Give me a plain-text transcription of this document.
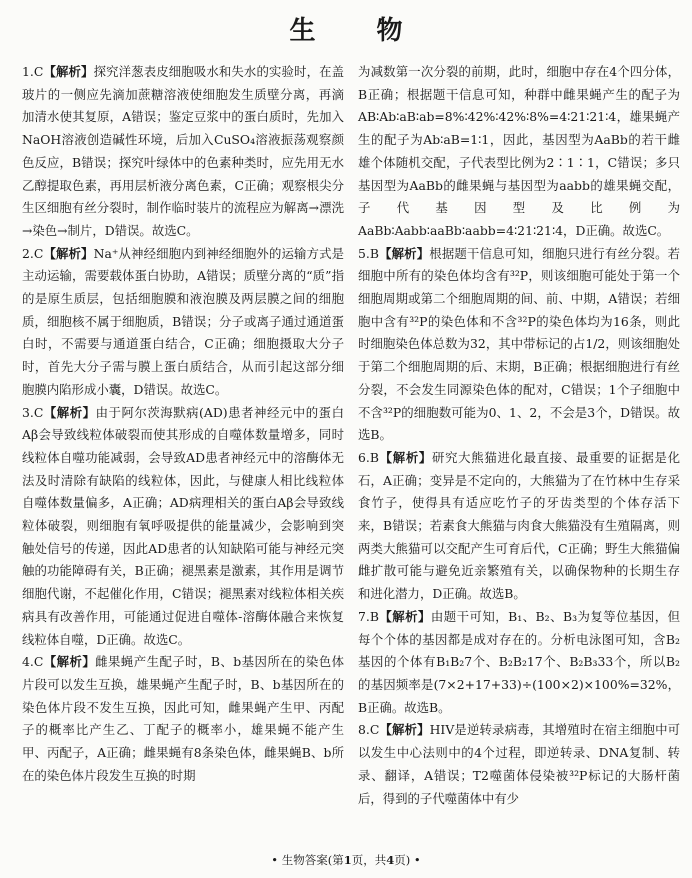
生 物
1.C【解析】探究洋葱表皮细胞吸水和失水的实验时，在盖玻片的一侧应先滴加蔗糖溶液使细胞发生质壁分离，再滴加清水使其复原，A错误；鉴定豆浆中的蛋白质时，先加入NaOH溶液创造碱性环境，后加入CuSO₄溶液振荡观察颜色反应，B错误；探究叶绿体中的色素种类时，应先用无水乙醇提取色素，再用层析液分离色素，C正确；观察根尖分生区细胞有丝分裂时，制作临时装片的流程应为解离→漂洗→染色→制片，D错误。故选C。
2.C【解析】Na⁺从神经细胞内到神经细胞外的运输方式是主动运输，需要载体蛋白协助，A错误；质壁分离的“质”指的是原生质层，包括细胞膜和液泡膜及两层膜之间的细胞质，细胞核不属于细胞质，B错误；分子或离子通过通道蛋白时，不需要与通道蛋白结合，C正确；细胞摄取大分子时，首先大分子需与膜上蛋白质结合，从而引起这部分细胞膜内陷形成小囊，D错误。故选C。
3.C【解析】由于阿尔茨海默病(AD)患者神经元中的蛋白Aβ会导致线粒体破裂而使其形成的自噬体数量增多，同时线粒体自噬功能减弱，会导致AD患者神经元中的溶酶体无法及时清除有缺陷的线粒体，因此，与健康人相比线粒体自噬体数量偏多，A正确；AD病理相关的蛋白Aβ会导致线粒体破裂，则细胞有氧呼吸提供的能量减少，会影响到突触处信号的传递，因此AD患者的认知缺陷可能与神经元突触的功能障碍有关，B正确；褪黑素是激素，其作用是调节细胞代谢，不起催化作用，C错误；褪黑素对线粒体相关疾病具有改善作用，可能通过促进自噬体-溶酶体融合来恢复线粒体自噬，D正确。故选C。
4.C【解析】雌果蝇产生配子时，B、b基因所在的染色体片段可以发生互换，雄果蝇产生配子时，B、b基因所在的染色体片段不发生互换，因此可知，雌果蝇产生甲、丙配子的概率比产生乙、丁配子的概率小，雄果蝇不能产生甲、丙配子，A正确；雌果蝇有8条染色体，雌果蝇B、b所在的染色体片段发生互换的时期
为减数第一次分裂的前期，此时，细胞中存在4个四分体，B正确；根据题干信息可知，种群中雌果蝇产生的配子为AB∶Ab∶aB∶ab=8%∶42%∶42%∶8%=4∶21∶21∶4，雄果蝇产生的配子为Ab∶aB=1∶1，因此，基因型为AaBb的若干雌雄个体随机交配，子代表型比例为2∶1∶1，C错误；多只基因型为AaBb的雌果蝇与基因型为aabb的雄果蝇交配，子代基因型及比例为AaBb∶Aabb∶aaBb∶aabb=4∶21∶21∶4，D正确。故选C。
5.B【解析】根据题干信息可知，细胞只进行有丝分裂。若细胞中所有的染色体均含有³²P，则该细胞可能处于第一个细胞周期或第二个细胞周期的间、前、中期，A错误；若细胞中含有³²P的染色体和不含³²P的染色体均为16条，则此时细胞染色体总数为32，其中带标记的占1/2，则该细胞处于第二个细胞周期的后、末期，B正确；根据细胞进行有丝分裂，不会发生同源染色体的配对，C错误；1个子细胞中不含³²P的细胞数可能为0、1、2，不会是3个，D错误。故选B。
6.B【解析】研究大熊猫进化最直接、最重要的证据是化石，A正确；变异是不定向的，大熊猫为了在竹林中生存采食竹子，使得具有适应吃竹子的牙齿类型的个体存活下来，B错误；若素食大熊猫与肉食大熊猫没有生殖隔离，则两类大熊猫可以交配产生可育后代，C正确；野生大熊猫偏雌扩散可能与避免近亲繁殖有关，以确保物种的长期生存和进化潜力，D正确。故选B。
7.B【解析】由题干可知，B₁、B₂、B₃为复等位基因，但每个个体的基因都是成对存在的。分析电泳图可知，含B₂基因的个体有B₁B₂7个、B₂B₂17个、B₂B₃33个，所以B₂的基因频率是(7×2+17+33)÷(100×2)×100%=32%，B正确。故选B。
8.C【解析】HIV是逆转录病毒，其增殖时在宿主细胞中可以发生中心法则中的4个过程，即逆转录、DNA复制、转录、翻译，A错误；T2噬菌体侵染被³²P标记的大肠杆菌后，得到的子代噬菌体中有少
• 生物答案(第1页，共4页) •
